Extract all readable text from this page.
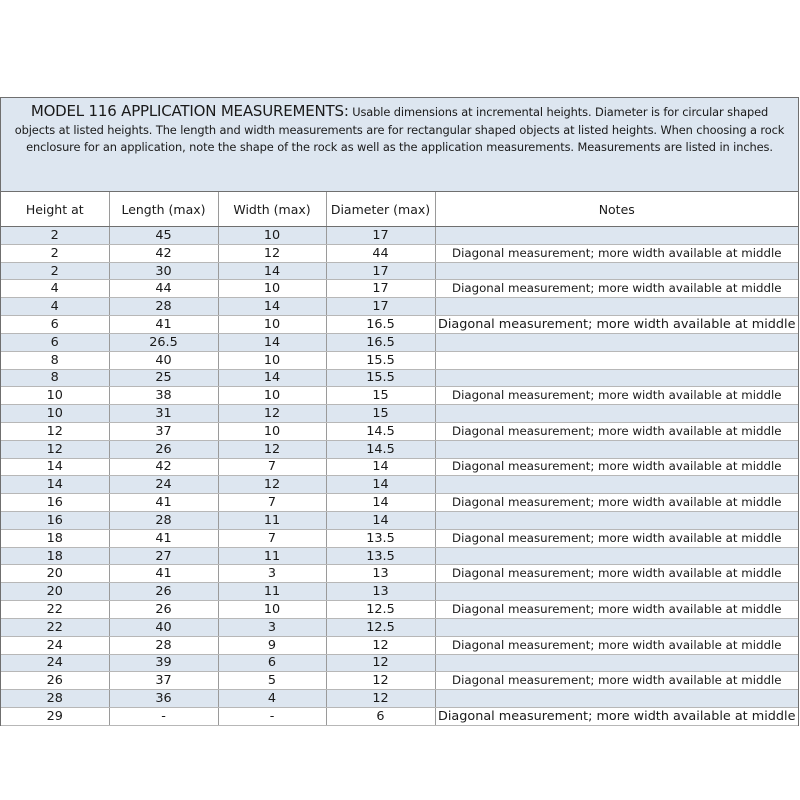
MODEL 116 APPLICATION MEASUREMENTS: Usable dimensions at incremental heights. Diameter is for circular shaped objects at listed heights. The length and width measurements are for rectangular shaped objects at listed heights. When choosing a rock enclosure for an application, note the shape of the rock as well as the application measurements. Measurements are listed in inches.
Height at	Length (max)	Width (max)	Diameter (max)	Notes
2	45	10	17	
2	42	12	44	Diagonal measurement; more width available at middle
2	30	14	17	
4	44	10	17	Diagonal measurement; more width available at middle
4	28	14	17	
6	41	10	16.5	Diagonal measurement; more width available at middle
6	26.5	14	16.5	
8	40	10	15.5	
8	25	14	15.5	
10	38	10	15	Diagonal measurement; more width available at middle
10	31	12	15	
12	37	10	14.5	Diagonal measurement; more width available at middle
12	26	12	14.5	
14	42	7	14	Diagonal measurement; more width available at middle
14	24	12	14	
16	41	7	14	Diagonal measurement; more width available at middle
16	28	11	14	
18	41	7	13.5	Diagonal measurement; more width available at middle
18	27	11	13.5	
20	41	3	13	Diagonal measurement; more width available at middle
20	26	11	13	
22	26	10	12.5	Diagonal measurement; more width available at middle
22	40	3	12.5	
24	28	9	12	Diagonal measurement; more width available at middle
24	39	6	12	
26	37	5	12	Diagonal measurement; more width available at middle
28	36	4	12	
29	-	-	6	Diagonal measurement; more width available at middle
